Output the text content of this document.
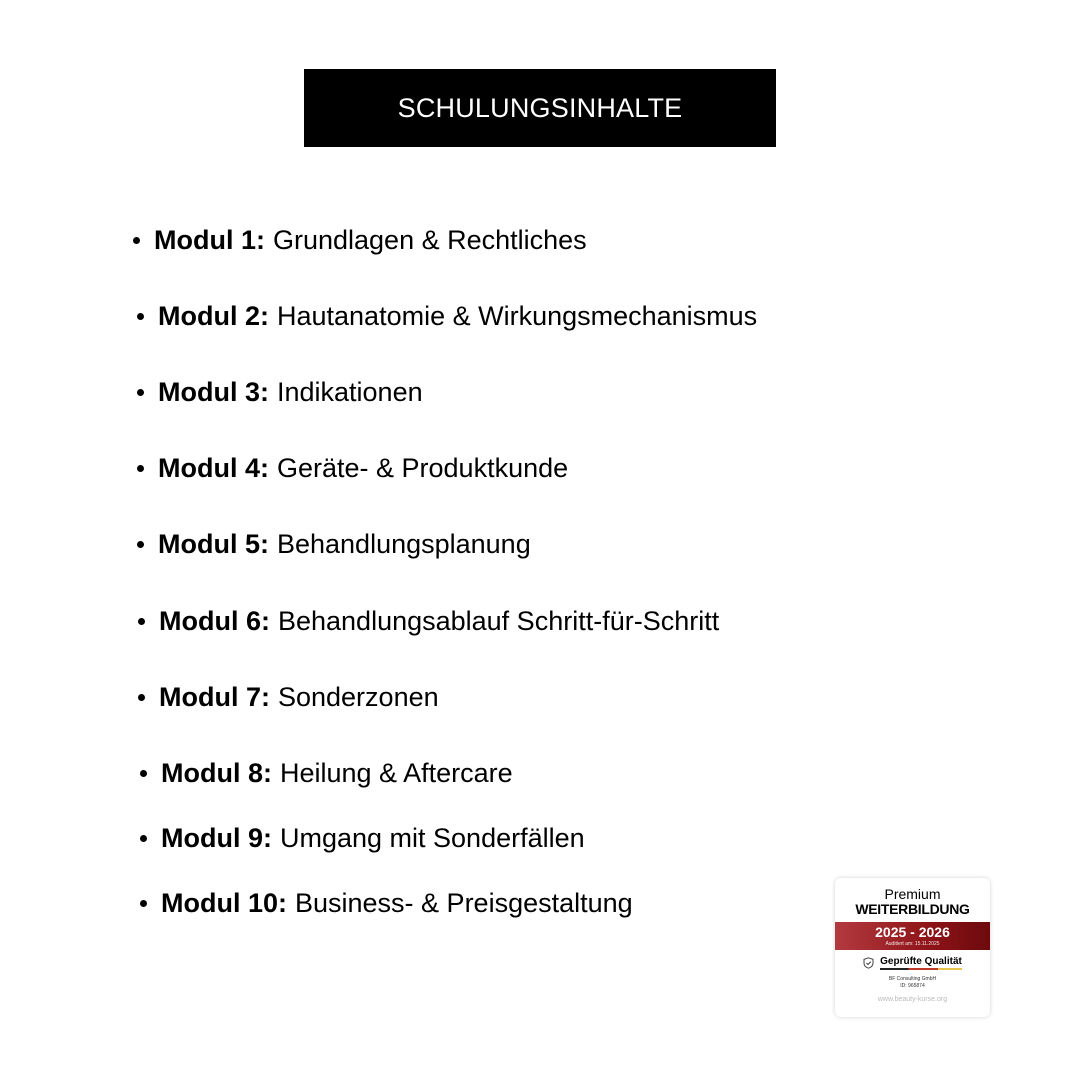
SCHULUNGSINHALTE
Modul 1: Grundlagen & Rechtliches
Modul 2: Hautanatomie & Wirkungsmechanismus
Modul 3: Indikationen
Modul 4: Geräte- & Produktkunde
Modul 5: Behandlungsplanung
Modul 6: Behandlungsablauf Schritt-für-Schritt
Modul 7: Sonderzonen
Modul 8: Heilung & Aftercare
Modul 9: Umgang mit Sonderfällen
Modul 10: Business- & Preisgestaltung	Premium
WEITERBILDUNG
2025 - 2026
Auditiert am: 15.11.2025
Geprüfte Qualität
BF Consulting GmbH
ID: 965874
www.beauty-kurse.org
